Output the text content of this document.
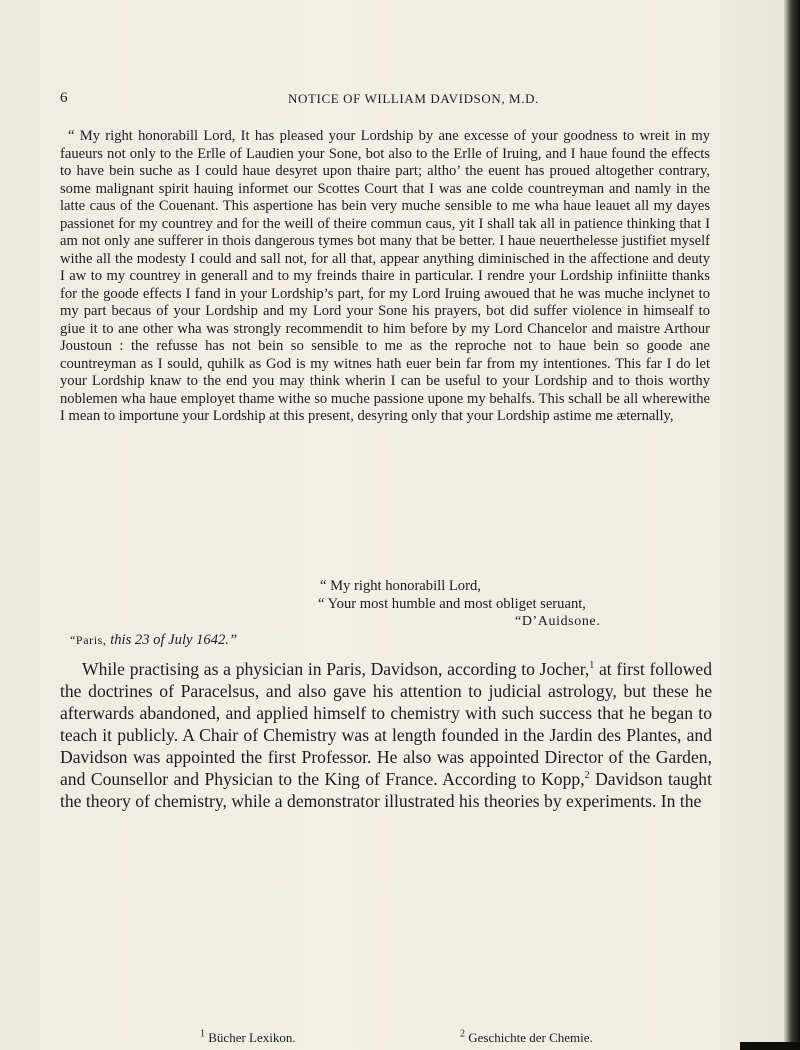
6	NOTICE OF WILLIAM DAVIDSON, M.D.

“ My right honorabill Lord, It has pleased your Lordship by ane excesse of your goodness to wreit in my faueurs not only to the Erlle of Laudien your Sone, bot also to the Erlle of Iruing, and I haue found the effects to have bein suche as I could haue desyret upon thaire part; altho’ the euent has proued altogether contrary, some malignant spirit hauing informet our Scottes Court that I was ane colde countreyman and namly in the latte caus of the Couenant. This aspertione has bein very muche sensible to me wha haue leauet all my dayes passionet for my countrey and for the weill of theire commun caus, yit I shall tak all in patience thinking that I am not only ane sufferer in thois dangerous tymes bot many that be better. I haue neuerthelesse justifiet myself withe all the modesty I could and sall not, for all that, appear anything diminisched in the affectione and deuty I aw to my countrey in generall and to my freinds thaire in particular. I rendre your Lordship infiniitte thanks for the goode effects I fand in your Lordship’s part, for my Lord Iruing awoued that he was muche inclynet to my part becaus of your Lordship and my Lord your Sone his prayers, bot did suffer violence in himsealf to giue it to ane other wha was strongly recommendit to him before by my Lord Chancelor and maistre Arthour Joustoun : the refusse has not bein so sensible to me as the reproche not to haue bein so goode ane countreyman as I sould, quhilk as God is my witnes hath euer bein far from my intentiones. This far I do let your Lordship knaw to the end you may think wherin I can be useful to your Lordship and to thois worthy noblemen wha haue employet thame withe so muche passione upone my behalfs. This schall be all wherewithe I mean to importune your Lordship at this present, desyring only that your Lordship astime me æternally,

“ My right honorabill Lord,
“ Your most humble and most obliget seruant,
“D’Auidsone.
“Paris, this 23 of July 1642.”

While practising as a physician in Paris, Davidson, according to Jocher,$^1$ at first followed the doctrines of Paracelsus, and also gave his attention to judicial astrology, but these he afterwards abandoned, and applied himself to chemistry with such success that he began to teach it publicly. A Chair of Chemistry was at length founded in the Jardin des Plantes, and Davidson was appointed the first Professor. He also was appointed Director of the Garden, and Counsellor and Physician to the King of France. According to Kopp,$^2$ Davidson taught the theory of chemistry, while a demonstrator illustrated his theories by experiments. In the

$^1$ Bücher Lexikon.	$^2$ Geschichte der Chemie.
